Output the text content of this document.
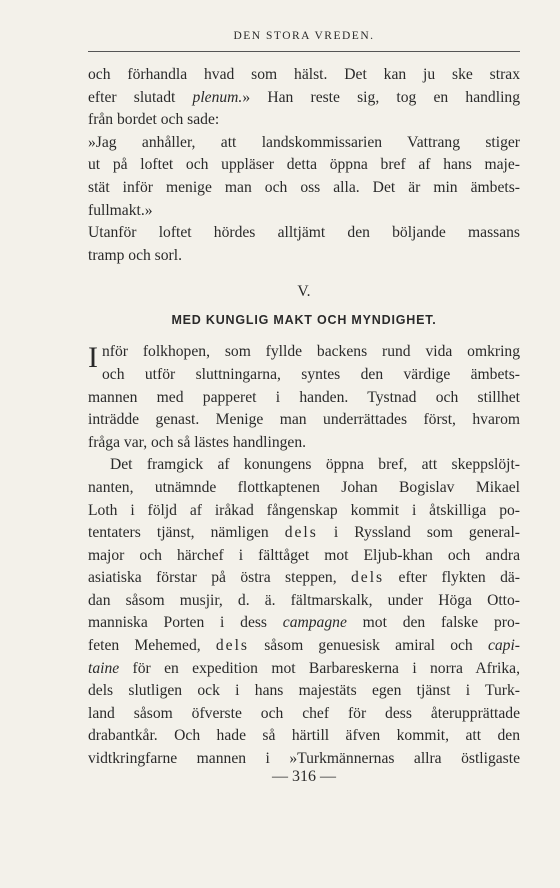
DEN STORA VREDEN.

och förhandla hvad som hälst. Det kan ju ske strax
efter slutadt plenum.» Han reste sig, tog en handling
från bordet och sade:

»Jag anhåller, att landskommissarien Vattrang stiger
ut på loftet och uppläser detta öppna bref af hans maje-
stät inför menige man och oss alla. Det är min ämbets-
fullmakt.»

Utanför loftet hördes alltjämt den böljande massans
tramp och sorl.

V.
MED KUNGLIG MAKT OCH MYNDIGHET.

I nför folkhopen, som fyllde backens rund vida omkring
och utför sluttningarna, syntes den värdige ämbets-
mannen med papperet i handen. Tystnad och stillhet
inträdde genast. Menige man underrättades först, hvarom
fråga var, och så lästes handlingen.

Det framgick af konungens öppna bref, att skeppslöjt-
nanten, utnämnde flottkaptenen Johan Bogislav Mikael
Loth i följd af iråkad fångenskap kommit i åtskilliga po-
tentaters tjänst, nämligen dels i Ryssland som general-
major och härchef i fälttåget mot Eljub-khan och andra
asiatiska förstar på östra steppen, dels efter flykten dä-
dan såsom musjir, d. ä. fältmarskalk, under Höga Otto-
manniska Porten i dess campagne mot den falske pro-
feten Mehemed, dels såsom genuesisk amiral och capi-
taine för en expedition mot Barbareskerna i norra Afrika,
dels slutligen ock i hans majestäts egen tjänst i Turk-
land såsom öfverste och chef för dess återupprättade
drabantkår. Och hade så härtill äfven kommit, att den
vidtkringfarne mannen i »Turkmännernas allra östligaste

— 316 —
